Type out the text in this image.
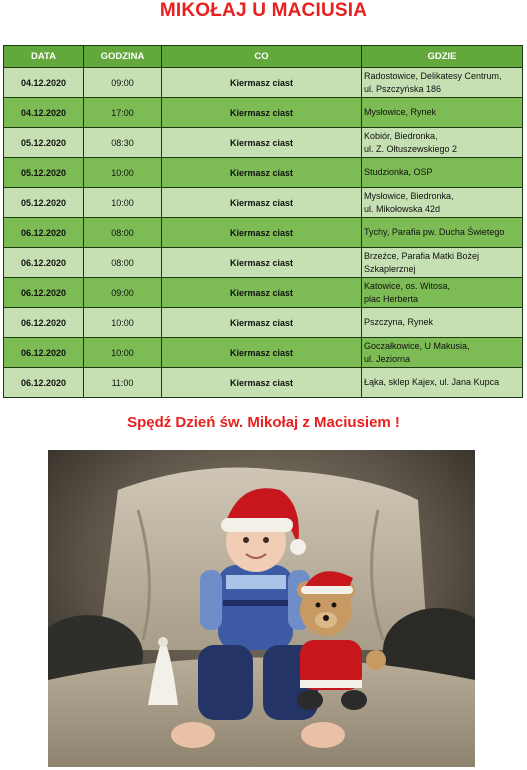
MIKOŁAJ U MACIUSIA
DATA	GODZINA	CO	GDZIE
04.12.2020	09:00	Kiermasz ciast	Radostowice, Delikatesy Centrum,
ul. Pszczyńska 186

04.12.2020	17:00	Kiermasz ciast	Mysłowice, Rynek

05.12.2020	08:30	Kiermasz ciast	Kobiór, Biedronka,
ul. Z. Ołtuszewskiego 2

05.12.2020	10:00	Kiermasz ciast	Studzionka, OSP

05.12.2020	10:00	Kiermasz ciast	Mysłowice, Biedronka,
ul. Mikołowska 42d

06.12.2020	08:00	Kiermasz ciast	Tychy, Parafia pw. Ducha Świetego

06.12.2020	08:00	Kiermasz ciast	Brzeźce, Parafia Matki Bożej
Szkaplerznej

06.12.2020	09:00	Kiermasz ciast	Katowice, os. Witosa,
plac Herberta

06.12.2020	10:00	Kiermasz ciast	Pszczyna, Rynek

06.12.2020	10:00	Kiermasz ciast	Goczałkowice, U Makusia,
ul. Jeziorna

06.12.2020	11:00	Kiermasz ciast	Łąka, sklep Kajex, ul. Jana Kupca
Spędź Dzień św. Mikołaj z Maciusiem !
